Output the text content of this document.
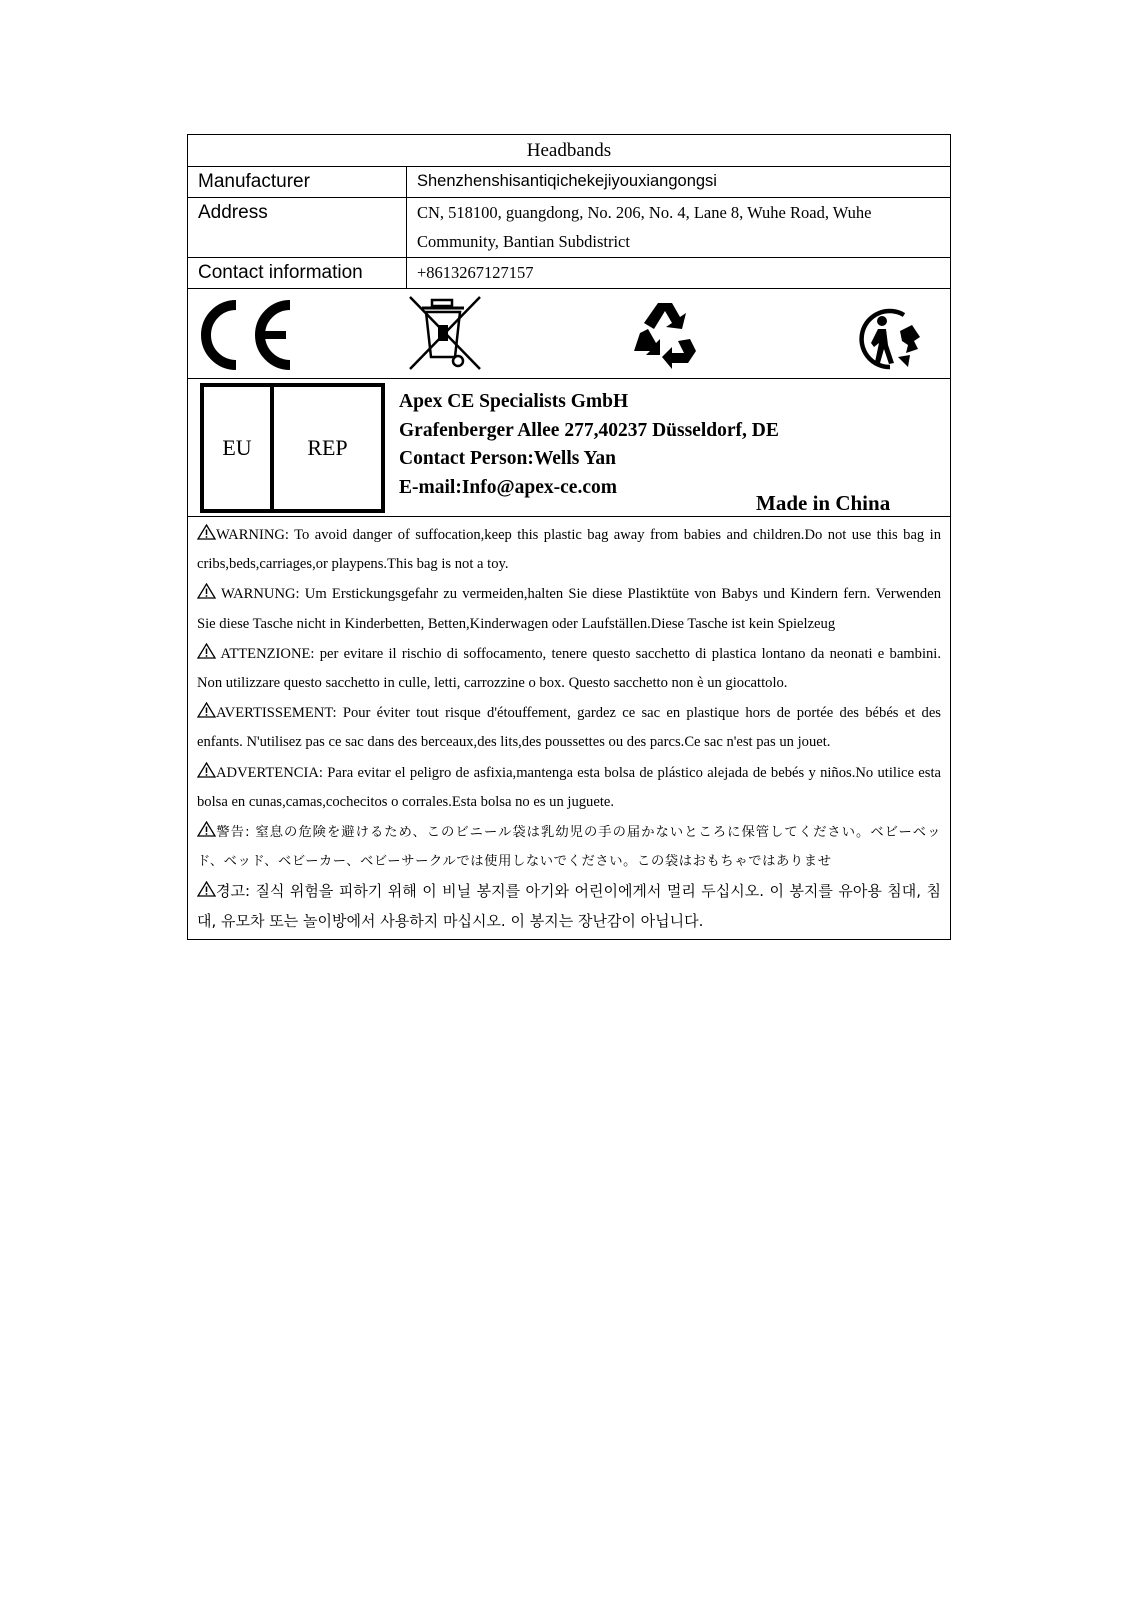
Headbands
Manufacturer	Shenzhenshisantiqichekejiyouxiangongsi
Address	CN, 518100, guangdong, No. 206, No. 4, Lane 8, Wuhe Road, Wuhe Community, Bantian Subdistrict
Contact information	+8613267127157
EU	REP
Apex CE Specialists GmbH
Grafenberger Allee 277,40237 Düsseldorf, DE
Contact Person:Wells Yan
E-mail:Info@apex-ce.com
Made in China

WARNING: To avoid danger of suffocation,keep this plastic bag away from babies and children.Do not use this bag in cribs,beds,carriages,or playpens.This bag is not a toy.

WARNUNG: Um Erstickungsgefahr zu vermeiden,halten Sie diese Plastiktüte von Babys und Kindern fern. Verwenden Sie diese Tasche nicht in Kinderbetten, Betten,Kinderwagen oder Laufställen.Diese Tasche ist kein Spielzeug

ATTENZIONE: per evitare il rischio di soffocamento, tenere questo sacchetto di plastica lontano da neonati e bambini. Non utilizzare questo sacchetto in culle, letti, carrozzine o box. Questo sacchetto non è un giocattolo.

AVERTISSEMENT: Pour éviter tout risque d'étouffement, gardez ce sac en plastique hors de portée des bébés et des enfants. N'utilisez pas ce sac dans des berceaux,des lits,des poussettes ou des parcs.Ce sac n'est pas un jouet.

ADVERTENCIA: Para evitar el peligro de asfixia,mantenga esta bolsa de plástico alejada de bebés y niños.No utilice esta bolsa en cunas,camas,cochecitos o corrales.Esta bolsa no es un juguete.

警告: 窒息の危険を避けるため、このビニール袋は乳幼児の手の届かないところに保管してください。ベビーベッド、ベッド、ベビーカー、ベビーサークルでは使用しないでください。この袋はおもちゃではありませ

경고: 질식 위험을 피하기 위해 이 비닐 봉지를 아기와 어린이에게서 멀리 두십시오. 이 봉지를 유아용 침대, 침대, 유모차 또는 놀이방에서 사용하지 마십시오. 이 봉지는 장난감이 아닙니다.
